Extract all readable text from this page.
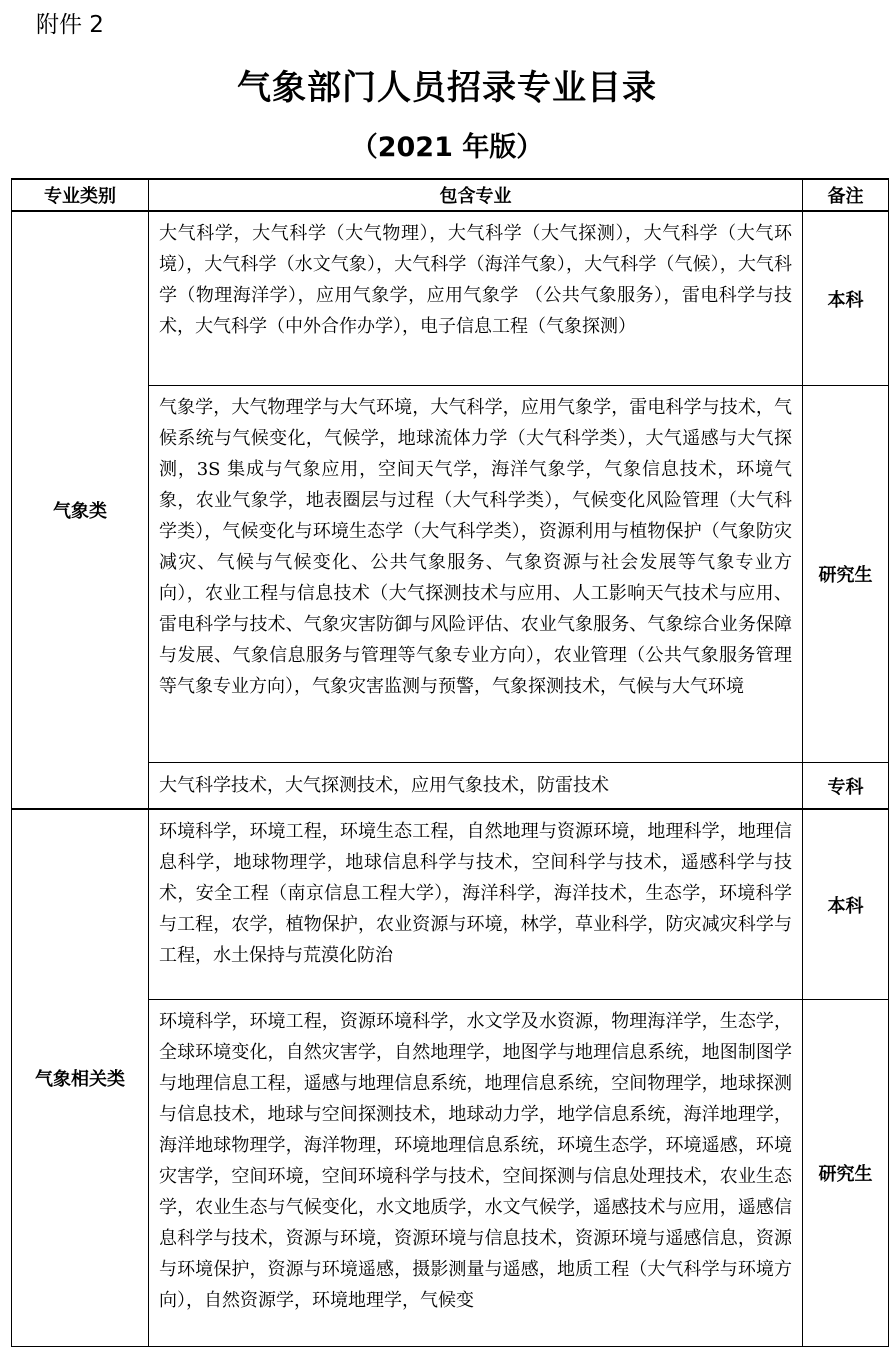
附件 2
气象部门人员招录专业目录
（2021 年版）
专业类别	包含专业	备注
气象类	大气科学，大气科学（大气物理），大气科学（大气探测），大气科学（大气环境），大气科学（水文气象），大气科学（海洋气象），大气科学（气候），大气科学（物理海洋学），应用气象学，应用气象学 （公共气象服务），雷电科学与技术，大气科学（中外合作办学），电子信息工程（气象探测）	本科
	气象学，大气物理学与大气环境，大气科学，应用气象学，雷电科学与技术，气候系统与气候变化，气候学，地球流体力学（大气科学类），大气遥感与大气探测，3S 集成与气象应用，空间天气学，海洋气象学，气象信息技术，环境气象，农业气象学，地表圈层与过程（大气科学类），气候变化风险管理（大气科学类），气候变化与环境生态学（大气科学类），资源利用与植物保护（气象防灾减灾、气候与气候变化、公共气象服务、气象资源与社会发展等气象专业方向），农业工程与信息技术（大气探测技术与应用、人工影响天气技术与应用、雷电科学与技术、气象灾害防御与风险评估、农业气象服务、气象综合业务保障与发展、气象信息服务与管理等气象专业方向），农业管理（公共气象服务管理等气象专业方向），气象灾害监测与预警，气象探测技术，气候与大气环境	研究生
	大气科学技术，大气探测技术，应用气象技术，防雷技术	专科
气象相关类	环境科学，环境工程，环境生态工程，自然地理与资源环境，地理科学，地理信息科学，地球物理学，地球信息科学与技术，空间科学与技术，遥感科学与技术，安全工程（南京信息工程大学），海洋科学，海洋技术，生态学，环境科学与工程，农学，植物保护，农业资源与环境，林学，草业科学，防灾减灾科学与工程，水土保持与荒漠化防治	本科
	环境科学，环境工程，资源环境科学，水文学及水资源，物理海洋学，生态学，全球环境变化，自然灾害学，自然地理学，地图学与地理信息系统，地图制图学与地理信息工程，遥感与地理信息系统，地理信息系统，空间物理学，地球探测与信息技术，地球与空间探测技术，地球动力学，地学信息系统，海洋地理学，海洋地球物理学，海洋物理，环境地理信息系统，环境生态学，环境遥感，环境灾害学，空间环境，空间环境科学与技术，空间探测与信息处理技术，农业生态学，农业生态与气候变化，水文地质学，水文气候学，遥感技术与应用，遥感信息科学与技术，资源与环境，资源环境与信息技术，资源环境与遥感信息，资源与环境保护，资源与环境遥感，摄影测量与遥感，地质工程（大气科学与环境方向），自然资源学，环境地理学，气候变	研究生
